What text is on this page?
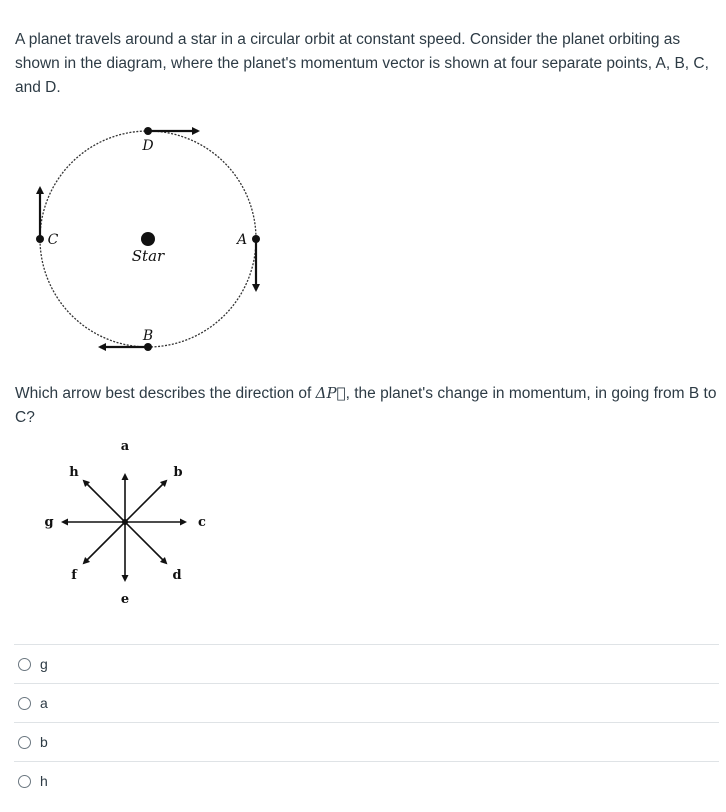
A planet travels around a star in a circular orbit at constant speed. Consider the planet orbiting as shown in the diagram, where the planet's momentum vector is shown at four separate points, A, B, C, and D.

Star
D
A
B
C

Which arrow best describes the direction of ΔP⃗, the planet's change in momentum, in going from B to C?

a
b
c
d
e
f
g
h
g
a
b
h
